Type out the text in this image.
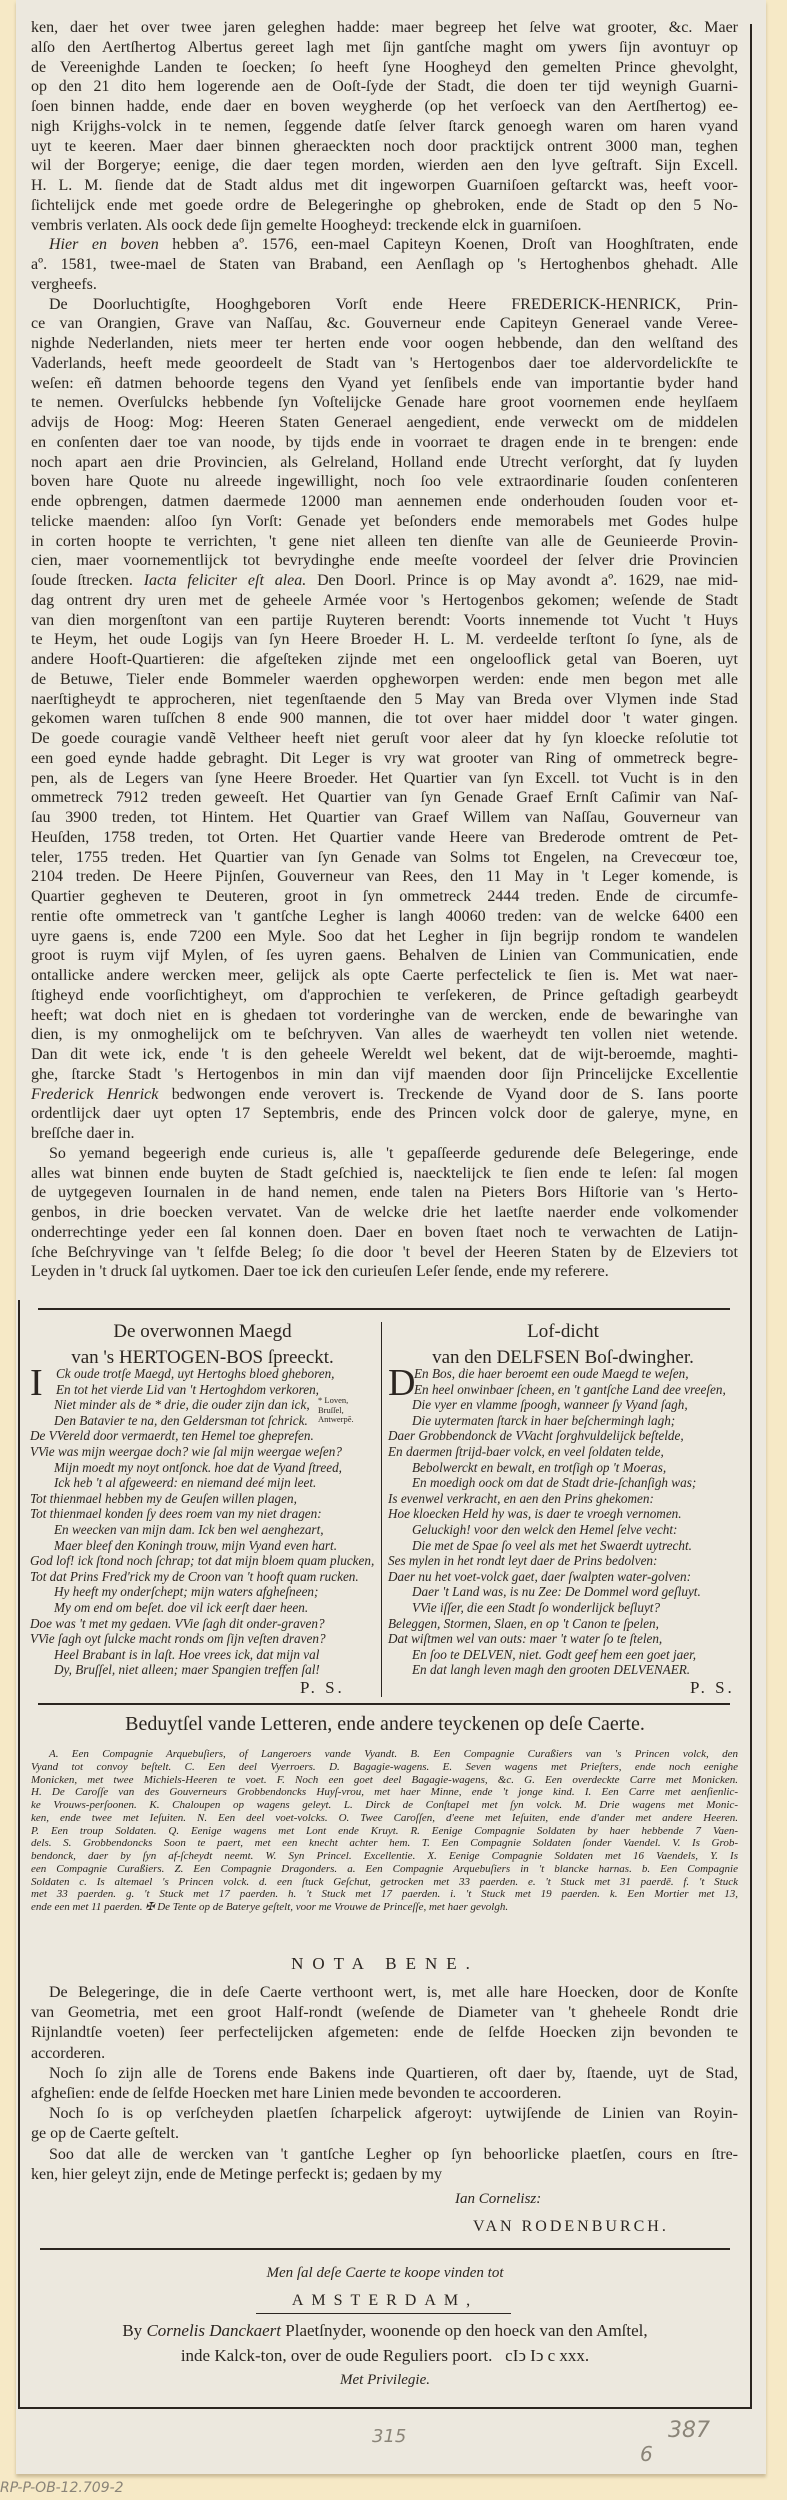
ken, daer het over twee jaren geleghen hadde: maer begreep het ſelve wat grooter, &c. Maer
alſo den Aertſhertog Albertus gereet lagh met ſijn gantſche maght om ywers ſijn avontuyr op
de Vereenighde Landen te ſoecken; ſo heeft ſyne Hoogheyd den gemelten Prince ghevolght,
op den 21 dito hem logerende aen de Ooſt-ſyde der Stadt, die doen ter tijd weynigh Guarni-
ſoen binnen hadde, ende daer en boven weygherde (op het verſoeck van den Aertſhertog) ee-
nigh Krijghs-volck in te nemen, ſeggende datſe ſelver ſtarck genoegh waren om haren vyand
uyt te keeren. Maer daer binnen gheraeckten noch door pracktijck ontrent 3000 man, teghen
wil der Borgerye; eenige, die daer tegen morden, wierden aen den lyve geſtraft. Sijn Excell.
H. L. M. ſiende dat de Stadt aldus met dit ingeworpen Guarniſoen geſtarckt was, heeft voor-
ſichtelijck ende met goede ordre de Belegeringhe op ghebroken, ende de Stadt op den 5 No-
vembris verlaten. Als oock dede ſijn gemelte Hoogheyd: treckende elck in guarniſoen.
Hier en boven hebben aº. 1576, een-mael Capiteyn Koenen, Droſt van Hooghſtraten, ende
aº. 1581, twee-mael de Staten van Braband, een Aenſlagh op 's Hertoghenbos ghehadt. Alle
vergheefs.
De Doorluchtigſte, Hooghgeboren Vorſt ende Heere FREDERICK-HENRICK, Prin-
ce van Orangien, Grave van Naſſau, &c. Gouverneur ende Capiteyn Generael vande Veree-
nighde Nederlanden, niets meer ter herten ende voor oogen hebbende, dan den welſtand des
Vaderlands, heeft mede geoordeelt de Stadt van 's Hertogenbos daer toe aldervordelickſte te
weſen: eñ datmen behoorde tegens den Vyand yet ſenſibels ende van importantie byder hand
te nemen. Overſulcks hebbende ſyn Voſtelijcke Genade hare groot voornemen ende heylſaem
advijs de Hoog: Mog: Heeren Staten Generael aengedient, ende verweckt om de middelen
en conſenten daer toe van noode, by tijds ende in voorraet te dragen ende in te brengen: ende
noch apart aen drie Provincien, als Gelreland, Holland ende Utrecht verſorght, dat ſy luyden
boven hare Quote nu alreede ingewillight, noch ſoo vele extraordinarie ſouden conſenteren
ende opbrengen, datmen daermede 12000 man aennemen ende onderhouden ſouden voor et-
telicke maenden: alſoo ſyn Vorſt: Genade yet beſonders ende memorabels met Godes hulpe
in corten hoopte te verrichten, 't gene niet alleen ten dienſte van alle de Geunieerde Provin-
cien, maer voornementlijck tot bevrydinghe ende meeſte voordeel der ſelver drie Provincien
ſoude ſtrecken. Iacta feliciter eſt alea. Den Doorl. Prince is op May avondt aº. 1629, nae mid-
dag ontrent dry uren met de geheele Armée voor 's Hertogenbos gekomen; weſende de Stadt
van dien morgenſtont van een partije Ruyteren berendt: Voorts innemende tot Vucht 't Huys
te Heym, het oude Logijs van ſyn Heere Broeder H. L. M. verdeelde terſtont ſo ſyne, als de
andere Hooft-Quartieren: die afgeſteken zijnde met een ongelooflick getal van Boeren, uyt
de Betuwe, Tieler ende Bommeler waerden opgheworpen werden: ende men begon met alle
naerſtigheydt te approcheren, niet tegenſtaende den 5 May van Breda over Vlymen inde Stad
gekomen waren tuſſchen 8 ende 900 mannen, die tot over haer middel door 't water gingen.
De goede couragie vandẽ Veltheer heeft niet geruſt voor aleer dat hy ſyn kloecke reſolutie tot
een goed eynde hadde gebraght. Dit Leger is vry wat grooter van Ring of ommetreck begre-
pen, als de Legers van ſyne Heere Broeder. Het Quartier van ſyn Excell. tot Vucht is in den
ommetreck 7912 treden geweeſt. Het Quartier van ſyn Genade Graef Ernſt Caſimir van Naſ-
ſau 3900 treden, tot Hintem. Het Quartier van Graef Willem van Naſſau, Gouverneur van
Heuſden, 1758 treden, tot Orten. Het Quartier vande Heere van Brederode omtrent de Pet-
teler, 1755 treden. Het Quartier van ſyn Genade van Solms tot Engelen, na Crevecœur toe,
2104 treden. De Heere Pijnſen, Gouverneur van Rees, den 11 May in 't Leger komende, is
Quartier gegheven te Deuteren, groot in ſyn ommetreck 2444 treden. Ende de circumfe-
rentie ofte ommetreck van 't gantſche Legher is langh 40060 treden: van de welcke 6400 een
uyre gaens is, ende 7200 een Myle. Soo dat het Legher in ſijn begrijp rondom te wandelen
groot is ruym vijf Mylen, of ſes uyren gaens. Behalven de Linien van Communicatien, ende
ontallicke andere wercken meer, gelijck als opte Caerte perfectelick te ſien is. Met wat naer-
ſtigheyd ende voorſichtigheyt, om d'approchien te verſekeren, de Prince geſtadigh gearbeydt
heeft; wat doch niet en is ghedaen tot vorderinghe van de wercken, ende de bewaringhe van
dien, is my onmoghelijck om te beſchryven. Van alles de waerheydt ten vollen niet wetende.
Dan dit wete ick, ende 't is den geheele Wereldt wel bekent, dat de wijt-beroemde, maghti-
ghe, ſtarcke Stadt 's Hertogenbos in min dan vijf maenden door ſijn Princelijcke Excellentie
Frederick Henrick bedwongen ende verovert is. Treckende de Vyand door de S. Ians poorte
ordentlijck daer uyt opten 17 Septembris, ende des Princen volck door de galerye, myne, en
breſſche daer in.
So yemand begeerigh ende curieus is, alle 't gepaſſeerde gedurende deſe Belegeringe, ende
alles wat binnen ende buyten de Stadt geſchied is, naecktelijck te ſien ende te leſen: ſal mogen
de uytgegeven Iournalen in de hand nemen, ende talen na Pieters Bors Hiſtorie van 's Herto-
genbos, in drie boecken vervatet. Van de welcke drie het laetſte naerder ende volkomender
onderrechtinge yeder een ſal konnen doen. Daer en boven ſtaet noch te verwachten de Latijn-
ſche Beſchryvinge van 't ſelfde Beleg; ſo die door 't bevel der Heeren Staten by de Elzeviers tot
Leyden in 't druck ſal uytkomen. Daer toe ick den curieuſen Leſer ſende, ende my referere.
De overwonnen Maegd
van 's HERTOGEN-BOS ſpreeckt.
Lof-dicht
van den DELFSEN Boſ-dwingher.
I	Ck oude trotſe Maegd, uyt Hertoghs bloed gheboren,
En tot het vierde Lid van 't Hertoghdom verkoren,
Niet minder als de * drie, die ouder zijn dan ick,
Den Batavier te na, den Geldersman tot ſchrick.
De VVereld door vermaerdt, ten Hemel toe gheprefen.
VVie was mijn weergae doch? wie ſal mijn weergae weſen?
Mijn moedt my noyt ontſonck. hoe dat de Vyand ſtreed,
Ick heb 't al afgeweerd: en niemand deé mijn leet.
Tot thienmael hebben my de Geuſen willen plagen,
Tot thienmael konden ſy dees roem van my niet dragen:
En weecken van mijn dam. Ick ben wel aenghezart,
Maer bleef den Koningh trouw, mijn Vyand even hart.
God lof! ick ſtond noch ſchrap; tot dat mijn bloem quam plucken,
Tot dat Prins Fred'rick my de Croon van 't hooft quam rucken.
Hy heeft my onderſchept; mijn waters afgheſneen;
My om end om beſet. doe vil ick eerſt daer heen.
Doe was 't met my gedaen. VVie ſagh dit onder-graven?
VVie ſagh oyt ſulcke macht ronds om ſijn veſten draven?
Heel Brabant is in laſt. Hoe vrees ick, dat mijn val
Dy, Bruſſel, niet alleen; maer Spangien treffen ſal!
* Loven, Bruſſel, Antwerpē.
D
En Bos, die haer beroemt een oude Maegd te weſen,
En heel onwinbaer ſcheen, en 't gantſche Land dee vreeſen,
Die vyer en vlamme ſpoogh, wanneer ſy Vyand ſagh,
Die uytermaten ſtarck in haer beſchermingh lagh;
Daer Grobbendonck de VVacht ſorghvuldelijck beſtelde,
En daermen ſtrijd-baer volck, en veel ſoldaten telde,
Bebolwerckt en bewalt, en trotſigh op 't Moeras,
En moedigh oock om dat de Stadt drie-ſchanſigh was;
Is evenwel verkracht, en aen den Prins ghekomen:
Hoe kloecken Held hy was, is daer te vroegh vernomen.
Geluckigh! voor den welck den Hemel ſelve vecht:
Die met de Spae ſo veel als met het Swaerdt uytrecht.
Ses mylen in het rondt leyt daer de Prins bedolven:
Daer nu het voet-volck gaet, daer ſwalpten water-golven:
Daer 't Land was, is nu Zee: De Dommel word geſluyt.
VVie iſſer, die een Stadt ſo wonderlijck beſluyt?
Beleggen, Stormen, Slaen, en op 't Canon te ſpelen,
Dat wiſtmen wel van outs: maer 't water ſo te ſtelen,
En ſoo te DELVEN, niet. Godt geef hem een goet jaer,
En dat langh leven magh den grooten DELVENAER.
P. S.	P. S.
Beduytſel vande Letteren, ende andere teyckenen op deſe Caerte.
A. Een Compagnie Arquebuſiers, of Langeroers vande Vyandt. B. Een Compagnie Curaßiers van 's Princen volck, den
Vyand tot convoy beſtelt. C. Een deel Vyerroers. D. Bagagie-wagens. E. Seven wagens met Prieſters, ende noch eenighe
Monicken, met twee Michiels-Heeren te voet. F. Noch een goet deel Bagagie-wagens, &c. G. Een overdeckte Carre met Monicken.
H. De Caroſſe van des Gouverneurs Grobbendoncks Huyſ-vrou, met haer Minne, ende 't jonge kind. I. Een Carre met aenſienlic-
ke Vrouws-perſoonen. K. Chaloupen op wagens geleyt. L. Dirck de Conſtapel met ſyn volck. M. Drie wagens met Monic-
ken, ende twee met Ieſuiten. N. Een deel voet-volcks. O. Twee Caroſſen, d'eene met Ieſuiten, ende d'ander met andere Heeren.
P. Een troup Soldaten. Q. Eenige wagens met Lont ende Kruyt. R. Eenige Compagnie Soldaten by haer hebbende 7 Vaen-
dels. S. Grobbendoncks Soon te paert, met een knecht achter hem. T. Een Compagnie Soldaten ſonder Vaendel. V. Is Grob-
bendonck, daer by ſyn af-ſcheydt neemt. W. Syn Princel. Excellentie. X. Eenige Compagnie Soldaten met 16 Vaendels, Y. Is
een Compagnie Curaßiers. Z. Een Compagnie Dragonders. a. Een Compagnie Arquebuſiers in 't blancke harnas. b. Een Compagnie
Soldaten c. Is altemael 's Princen volck. d. een ſtuck Geſchut, getrocken met 33 paerden. e. 't Stuck met 31 paerdē. f. 't Stuck
met 33 paerden. g. 't Stuck met 17 paerden. h. 't Stuck met 17 paerden. i. 't Stuck met 19 paerden. k. Een Mortier met 13,
ende een met 11 paerden. ✠ De Tente op de Baterye geſtelt, voor me Vrouwe de Princeſſe, met haer gevolgh.
NOTA BENE.
De Belegeringe, die in deſe Caerte verthoont wert, is, met alle hare Hoecken, door de Konſte
van Geometria, met een groot Half-rondt (weſende de Diameter van 't gheheele Rondt drie
Rijnlandtſe voeten) ſeer perfectelijcken afgemeten: ende de ſelfde Hoecken zijn bevonden te
accorderen.
Noch ſo zijn alle de Torens ende Bakens inde Quartieren, oft daer by, ſtaende, uyt de Stad,
afgheſien: ende de ſelfde Hoecken met hare Linien mede bevonden te accoorderen.
Noch ſo is op verſcheyden plaetſen ſcharpelick afgeroyt: uytwijſende de Linien van Royin-
ge op de Caerte geſtelt.
Soo dat alle de wercken van 't gantſche Legher op ſyn behoorlicke plaetſen, cours en ſtre-
ken, hier geleyt zijn, ende de Metinge perfeckt is; gedaen by my
Ian Cornelisz:
VAN RODENBURCH.
Men ſal deſe Caerte te koope vinden tot
AMSTERDAM,
By Cornelis Danckaert Plaetſnyder, woonende op den hoeck van den Amſtel,
inde Kalck-ton, over de oude Reguliers poort.   cIↄ Iↄ c xxx.
Met Privilegie.
315
6
387
RP-P-OB-12.709-2
